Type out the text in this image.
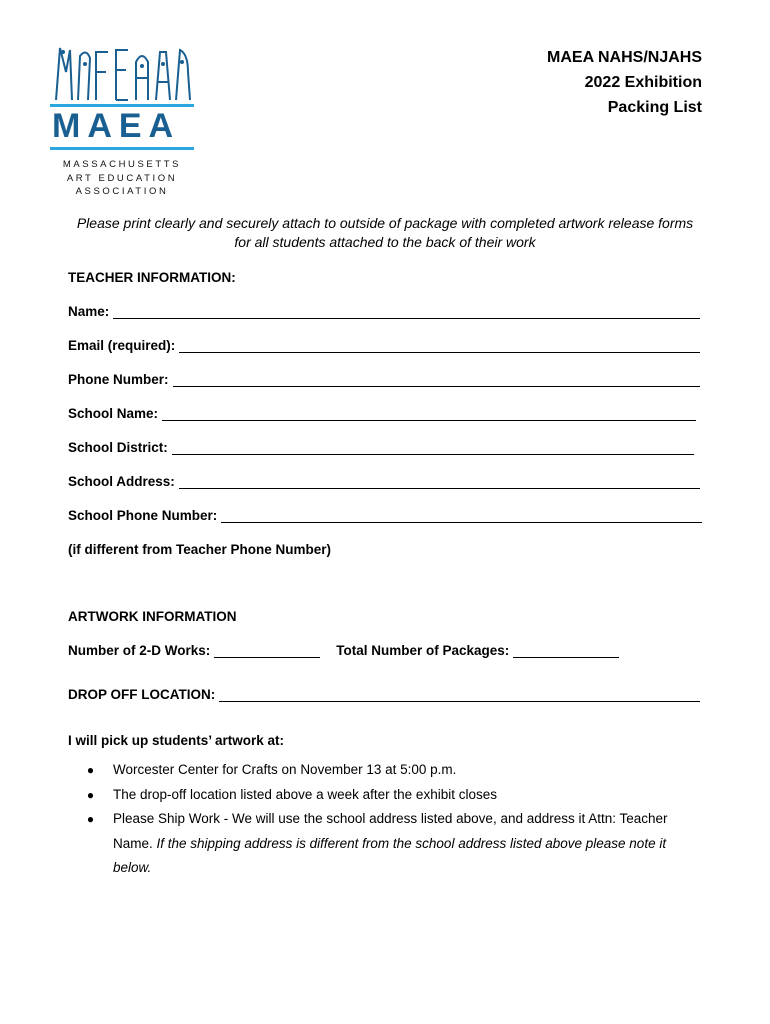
MAEA
MASSACHUSETTS
ART EDUCATION
ASSOCIATION
MAEA NAHS/NJAHS
2022 Exhibition
Packing List
Please print clearly and securely attach to outside of package with completed artwork release forms for all students attached to the back of their work
TEACHER INFORMATION:
Name:
Email (required):
Phone Number:
School Name:
School District:
School Address:
School Phone Number:
(if different from Teacher Phone Number)
ARTWORK INFORMATION
Number of 2-D Works:	Total Number of Packages:
DROP OFF LOCATION:
I will pick up students’ artwork at:
●	Worcester Center for Crafts on November 13 at 5:00 p.m.
●	The drop-off location listed above a week after the exhibit closes
●	Please Ship Work - We will use the school address listed above, and address it Attn: Teacher Name. If the shipping address is different from the school address listed above please note it below.
